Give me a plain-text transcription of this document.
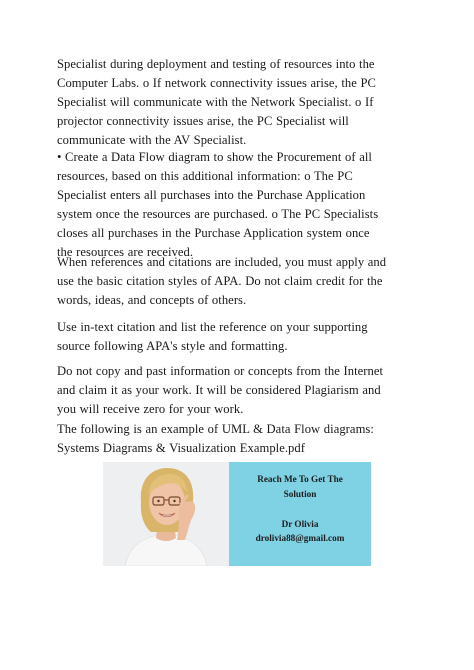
Specialist during deployment and testing of resources into the
Computer Labs. o If network connectivity issues arise, the PC
Specialist will communicate with the Network Specialist. o If
projector connectivity issues arise, the PC Specialist will
communicate with the AV Specialist.
• Create a Data Flow diagram to show the Procurement of all
resources, based on this additional information: o The PC
Specialist enters all purchases into the Purchase Application
system once the resources are purchased. o The PC Specialists
closes all purchases in the Purchase Application system once
the resources are received.
When references and citations are included, you must apply and
use the basic citation styles of APA. Do not claim credit for the
words, ideas, and concepts of others.
Use in-text citation and list the reference on your supporting
source following APA's style and formatting.
Do not copy and past information or concepts from the Internet
and claim it as your work. It will be considered Plagiarism and
you will receive zero for your work.
The following is an example of UML & Data Flow diagrams:
Systems Diagrams & Visualization Example.pdf
Reach Me To Get The
Solution
Dr Olivia
drolivia88@gmail.com
